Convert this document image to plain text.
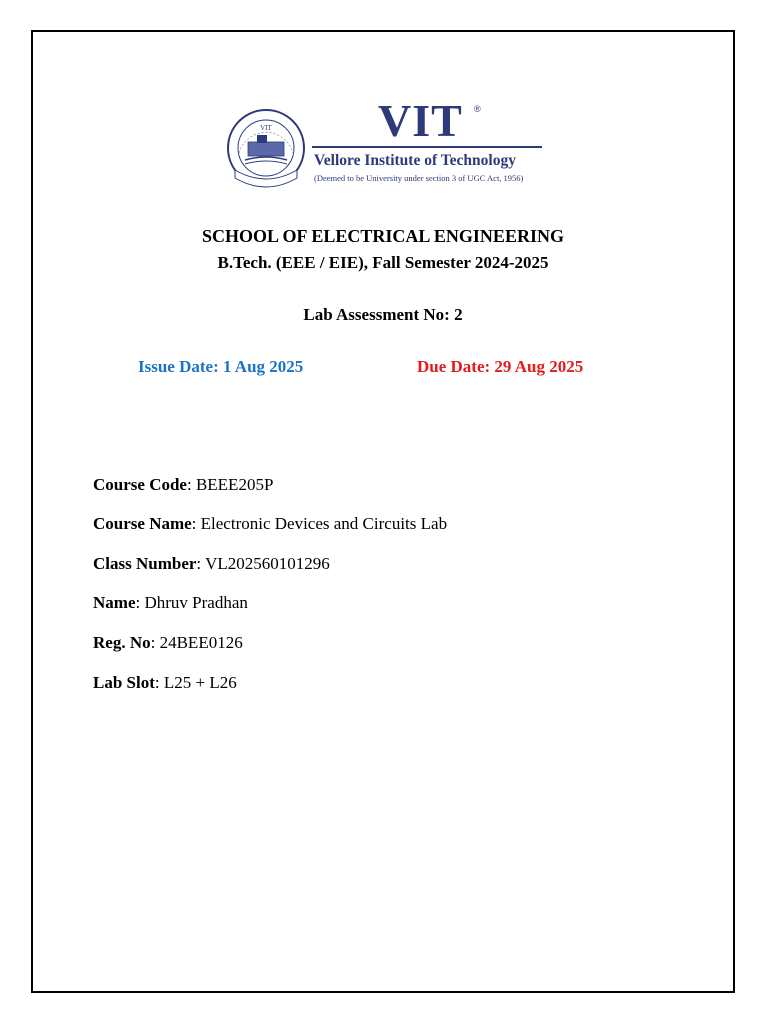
VIT VIT ®
Vellore Institute of Technology
(Deemed to be University under section 3 of UGC Act, 1956)
SCHOOL OF ELECTRICAL ENGINEERING
B.Tech. (EEE / EIE), Fall Semester 2024-2025
Lab Assessment No: 2
Issue Date: 1 Aug 2025	Due Date: 29 Aug 2025
Course Code: BEEE205P
Course Name: Electronic Devices and Circuits Lab
Class Number: VL202560101296
Name: Dhruv Pradhan
Reg. No: 24BEE0126
Lab Slot: L25 + L26
